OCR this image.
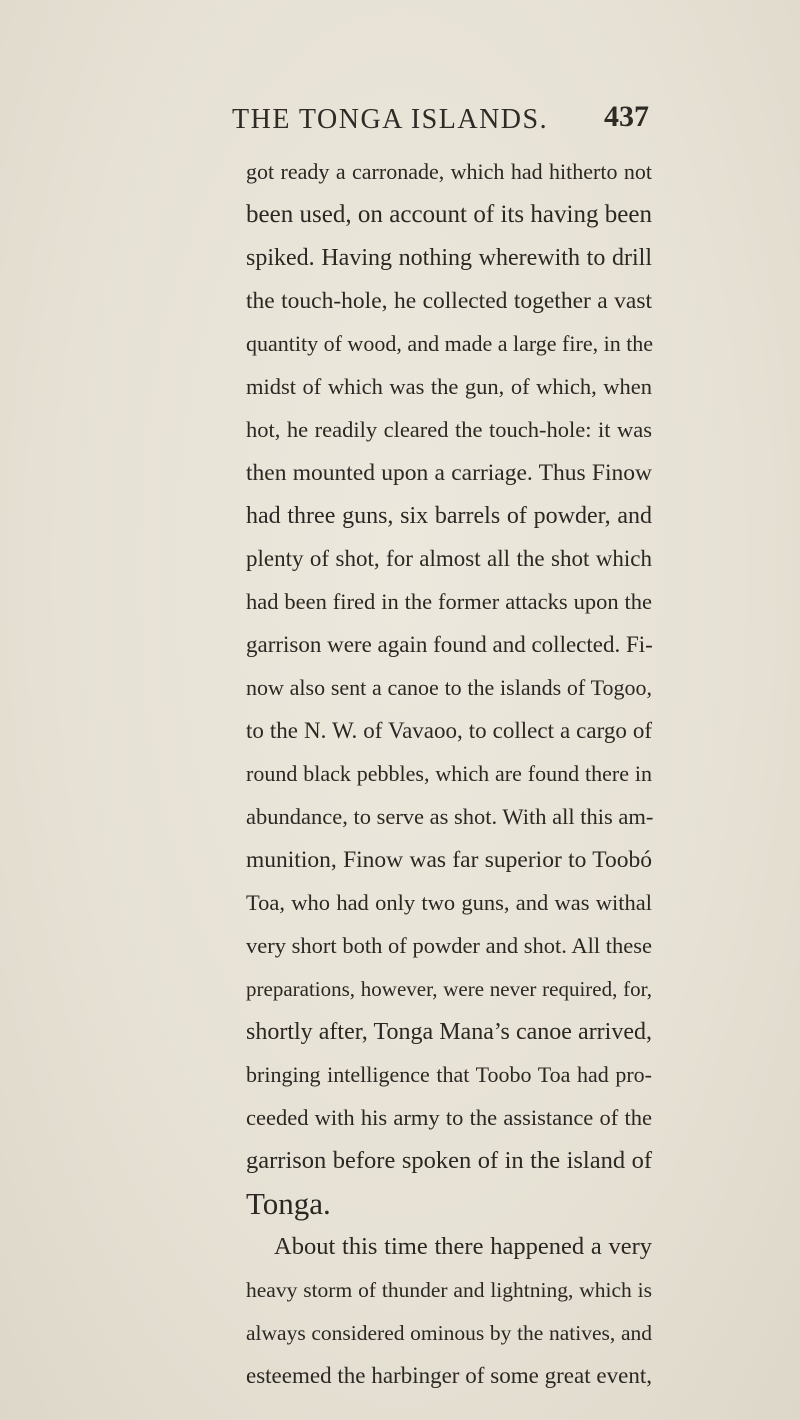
THE TONGA ISLANDS. 437
got ready a carronade, which had hitherto not
been used, on account of its having been
spiked. Having nothing wherewith to drill
the touch-hole, he collected together a vast
quantity of wood, and made a large fire, in the
midst of which was the gun, of which, when
hot, he readily cleared the touch-hole: it was
then mounted upon a carriage. Thus Finow
had three guns, six barrels of powder, and
plenty of shot, for almost all the shot which
had been fired in the former attacks upon the
garrison were again found and collected. Fi-
now also sent a canoe to the islands of Togoo,
to the N. W. of Vavaoo, to collect a cargo of
round black pebbles, which are found there in
abundance, to serve as shot. With all this am-
munition, Finow was far superior to Toobó
Toa, who had only two guns, and was withal
very short both of powder and shot. All these
preparations, however, were never required, for,
shortly after, Tonga Mana’s canoe arrived,
bringing intelligence that Toobo Toa had pro-
ceeded with his army to the assistance of the
garrison before spoken of in the island of
Tonga.
About this time there happened a very
heavy storm of thunder and lightning, which is
always considered ominous by the natives, and
esteemed the harbinger of some great event,
